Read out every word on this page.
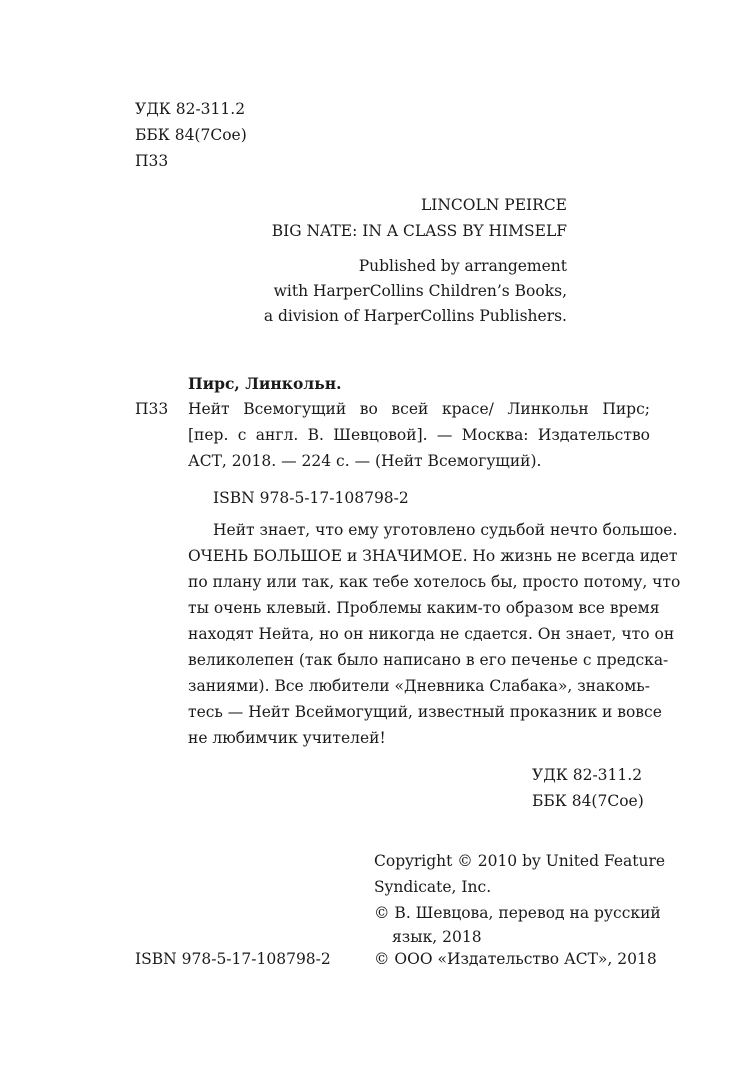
УДК 82-311.2
ББК 84(7Сое)
П33
LINCOLN PEIRCE
BIG NATE: IN A CLASS BY HIMSELF
Published by arrangement
with HarperCollins Children’s Books,
a division of HarperCollins Publishers.
Пирс, Линкольн.
П33 Нейт Всемогущий во всей красе/ Линкольн Пирс;
[пер. с англ. В. Шевцовой]. — Москва: Издательство
АСТ, 2018. — 224 с. — (Нейт Всемогущий).
ISBN 978-5-17-108798-2
Нейт знает, что ему уготовлено судьбой нечто большое.
ОЧЕНЬ БОЛЬШОЕ и ЗНАЧИМОЕ. Но жизнь не всегда идет
по плану или так, как тебе хотелось бы, просто потому, что
ты очень клевый. Проблемы каким-то образом все время
находят Нейта, но он никогда не сдается. Он знает, что он
великолепен (так было написано в его печенье с предска-
заниями). Все любители «Дневника Слабака», знакомь-
тесь — Нейт Всеймогущий, известный проказник и вовсе
не любимчик учителей!
УДК 82-311.2
ББК 84(7Сое)
Copyright © 2010 by United Feature
Syndicate, Inc.
© В. Шевцова, перевод на русский
язык, 2018
© ООО «Издательство АСТ», 2018
ISBN 978-5-17-108798-2
